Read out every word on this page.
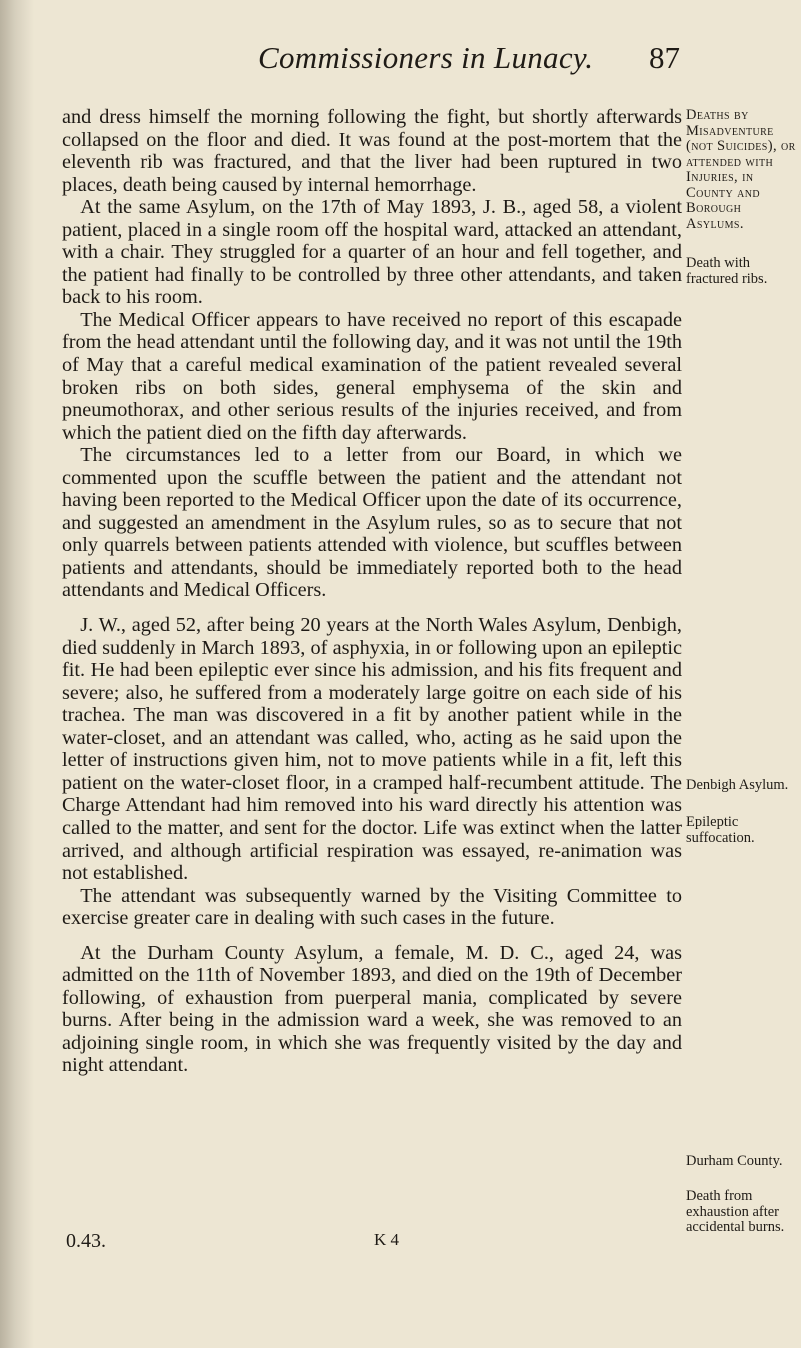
Commissioners in Lunacy. 87

and dress himself the morning following the fight, but shortly afterwards collapsed on the floor and died. It was found at the post-mortem that the eleventh rib was fractured, and that the liver had been ruptured in two places, death being caused by internal hemorrhage.

At the same Asylum, on the 17th of May 1893, J. B., aged 58, a violent patient, placed in a single room off the hospital ward, attacked an attendant, with a chair. They struggled for a quarter of an hour and fell together, and the patient had finally to be controlled by three other attendants, and taken back to his room.

The Medical Officer appears to have received no report of this escapade from the head attendant until the following day, and it was not until the 19th of May that a careful medical examination of the patient revealed several broken ribs on both sides, general emphysema of the skin and pneumothorax, and other serious results of the injuries received, and from which the patient died on the fifth day afterwards.

The circumstances led to a letter from our Board, in which we commented upon the scuffle between the patient and the attendant not having been reported to the Medical Officer upon the date of its occurrence, and suggested an amendment in the Asylum rules, so as to secure that not only quarrels between patients attended with violence, but scuffles between patients and attendants, should be immediately reported both to the head attendants and Medical Officers.

J. W., aged 52, after being 20 years at the North Wales Asylum, Denbigh, died suddenly in March 1893, of asphyxia, in or following upon an epileptic fit. He had been epileptic ever since his admission, and his fits frequent and severe; also, he suffered from a moderately large goitre on each side of his trachea. The man was discovered in a fit by another patient while in the water-closet, and an attendant was called, who, acting as he said upon the letter of instructions given him, not to move patients while in a fit, left this patient on the water-closet floor, in a cramped half-recumbent attitude. The Charge Attendant had him removed into his ward directly his attention was called to the matter, and sent for the doctor. Life was extinct when the latter arrived, and although artificial respiration was essayed, re-animation was not established.

The attendant was subsequently warned by the Visiting Committee to exercise greater care in dealing with such cases in the future.

At the Durham County Asylum, a female, M. D. C., aged 24, was admitted on the 11th of November 1893, and died on the 19th of December following, of exhaustion from puerperal mania, complicated by severe burns. After being in the admission ward a week, she was removed to an adjoining single room, in which she was frequently visited by the day and night attendant.

Deaths by Misadventure (not Suicides), or attended with Injuries, in County and Borough Asylums.
Death with fractured ribs.
Denbigh Asylum.
Epileptic suffocation.
Durham County.
Death from exhaustion after accidental burns.
0.43.	K 4
